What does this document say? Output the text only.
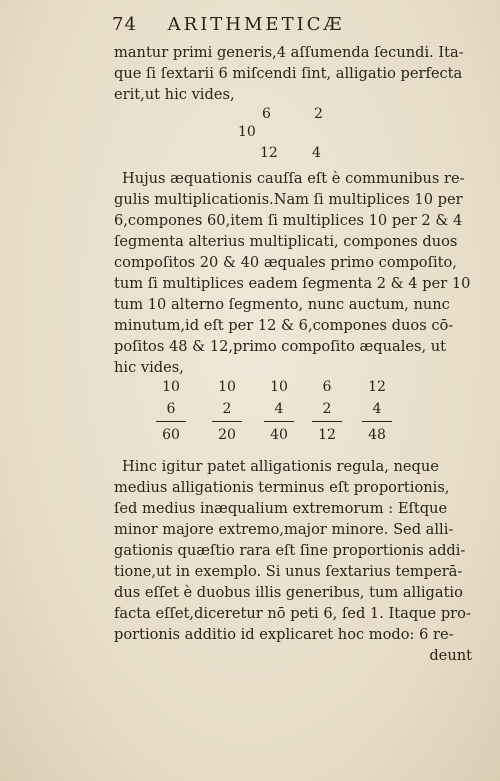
74 ARITHMETICÆ
mantur primi generis,4 aſſumenda ſecundi. Ita-
que ſi ſextarii 6 miſcendi ſint, alligatio perfecta
erit,ut hic vides,
6	2
10
12 4
Hujus æquationis cauſſa eſt è communibus re-
gulis multiplicationis.Nam ſi multiplices 10 per
6,compones 60,item ſi multiplices 10 per 2 & 4
ſegmenta alterius multiplicati, compones duos
compoſitos 20 & 40 æquales primo compoſito,
tum ſi multiplices eadem ſegmenta 2 & 4 per 10
tum 10 alterno ſegmento, nunc auctum, nunc
minutum,id eſt per 12 & 6,compones duos cō-
poſitos 48 & 12,primo compoſito æquales, ut
hic vides,
10
6
60
10
2
20
10
4
40
6
2
12
12
4
48
Hinc igitur patet alligationis regula, neque
medius alligationis terminus eſt proportionis,
ſed medius inæqualium extremorum : Eſtque
minor majore extremo,major minore. Sed alli-
gationis quæſtio rara eſt ſine proportionis addi-
tione,ut in exemplo. Si unus ſextarius temperā-
dus eſſet è duobus illis generibus, tum alligatio
facta eſſet,diceretur nō peti 6, ſed 1. Itaque pro-
portionis additio id explicaret hoc modo: 6 re-
deunt
